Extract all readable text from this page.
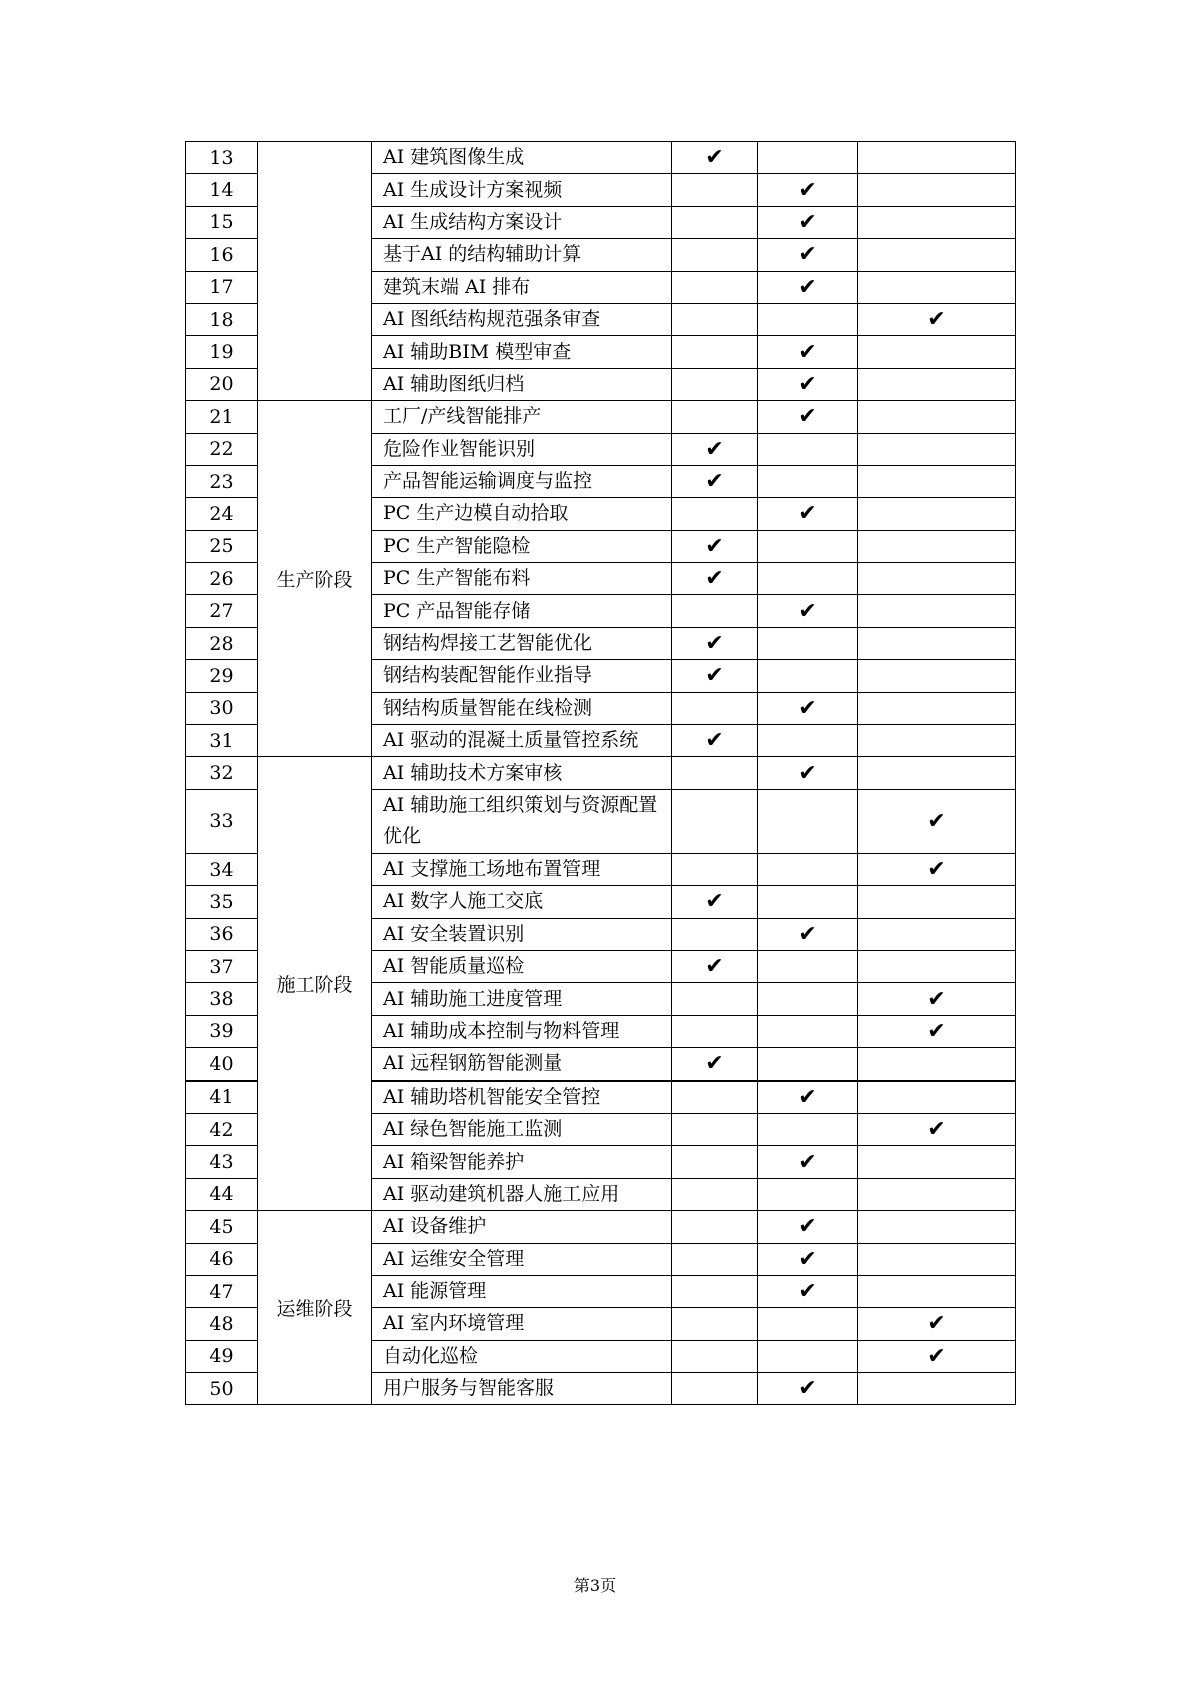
13		AI 建筑图像生成	✔		
14		AI 生成设计方案视频		✔	
15		AI 生成结构方案设计		✔	
16		基于AI 的结构辅助计算		✔	
17		建筑末端 AI 排布		✔	
18		AI 图纸结构规范强条审查			✔
19		AI 辅助BIM 模型审查		✔	
20		AI 辅助图纸归档		✔	
21	生产阶段	工厂/产线智能排产		✔	
22		危险作业智能识别	✔		
23		产品智能运输调度与监控	✔		
24		PC 生产边模自动拾取		✔	
25		PC 生产智能隐检	✔		
26		PC 生产智能布料	✔		
27		PC 产品智能存储		✔	
28		钢结构焊接工艺智能优化	✔		
29		钢结构装配智能作业指导	✔		
30		钢结构质量智能在线检测		✔	
31		AI 驱动的混凝土质量管控系统	✔		
32	施工阶段	AI 辅助技术方案审核		✔	
33		AI 辅助施工组织策划与资源配置优化			✔
34		AI 支撑施工场地布置管理			✔
35		AI 数字人施工交底	✔		
36		AI 安全装置识别		✔	
37		AI 智能质量巡检	✔		
38		AI 辅助施工进度管理			✔
39		AI 辅助成本控制与物料管理			✔
40		AI 远程钢筋智能测量	✔		
41		AI 辅助塔机智能安全管控		✔	
42		AI 绿色智能施工监测			✔
43		AI 箱梁智能养护		✔	
44		AI 驱动建筑机器人施工应用			
45	运维阶段	AI 设备维护		✔	
46		AI 运维安全管理		✔	
47		AI 能源管理		✔	
48		AI 室内环境管理			✔
49		自动化巡检			✔
50		用户服务与智能客服		✔	
第3页
